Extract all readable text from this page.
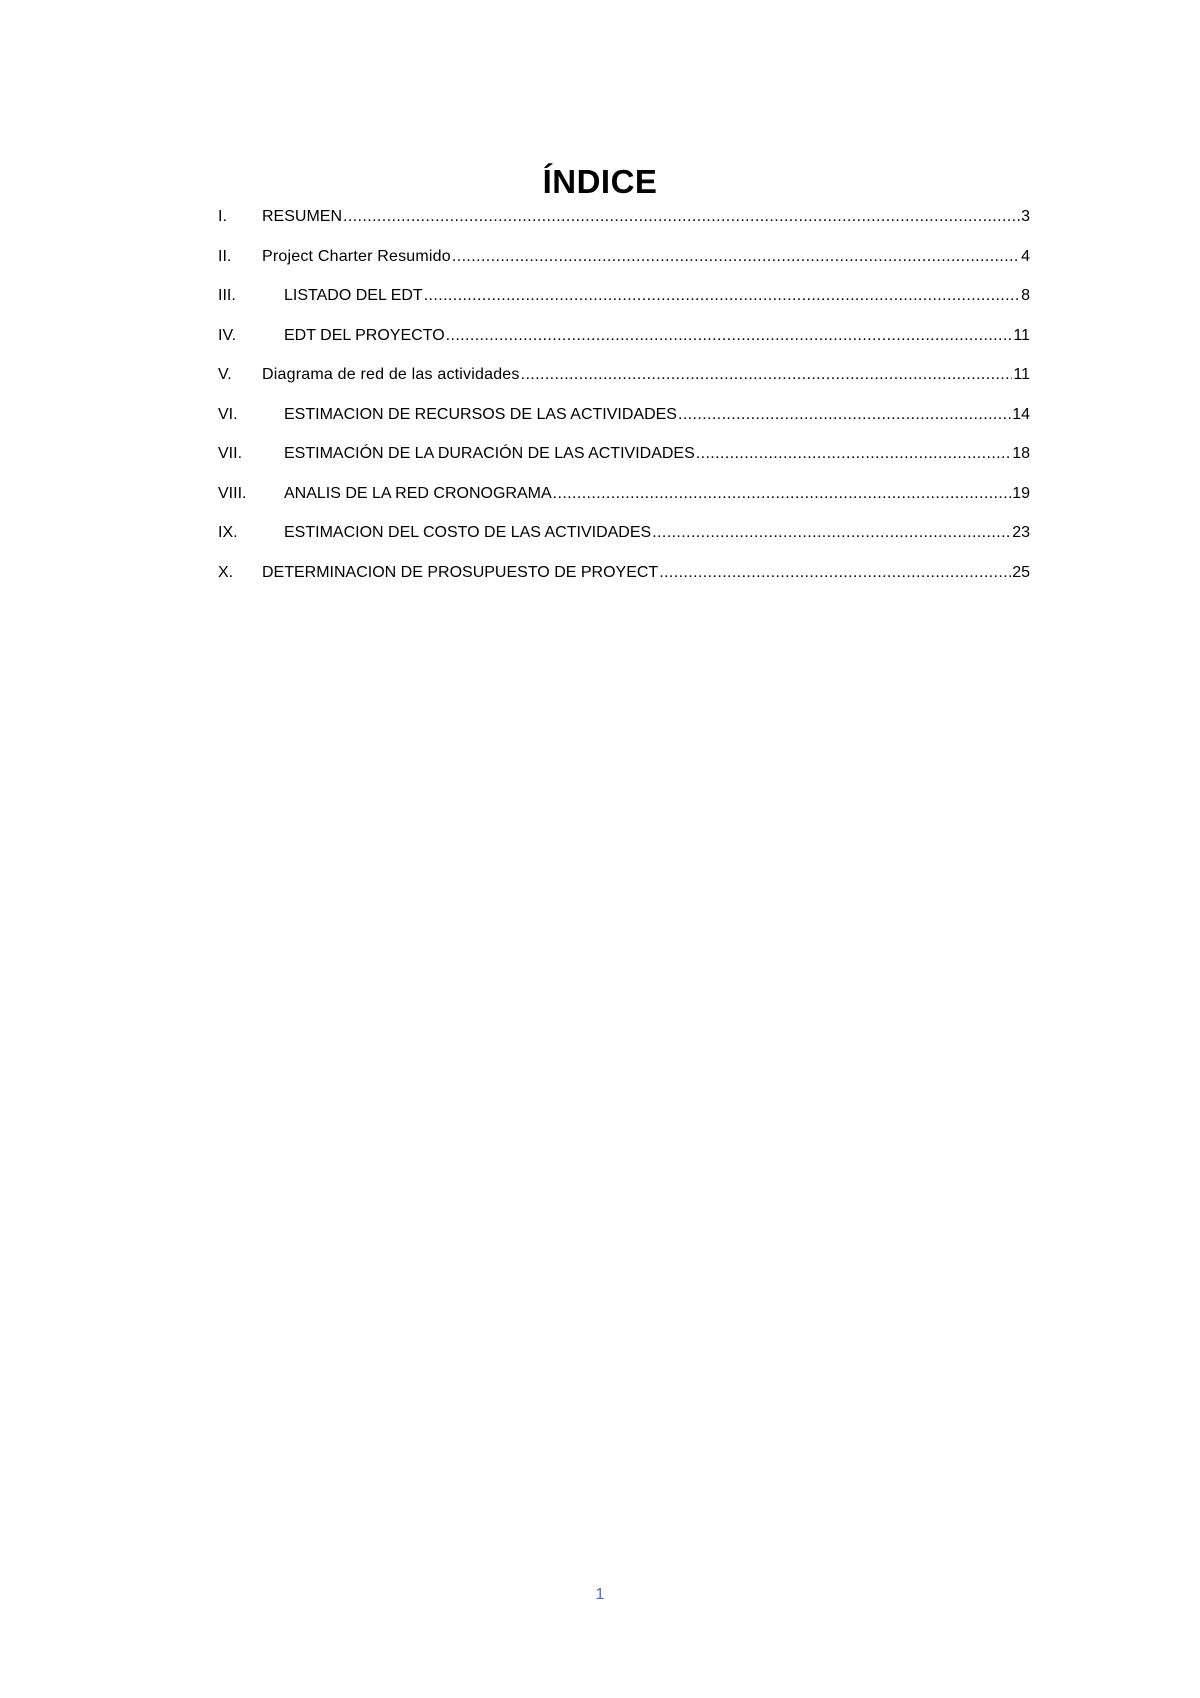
ÍNDICE
I.	RESUMEN .....	3
II.	Project Charter Resumido .....	4
III.	LISTADO DEL EDT .....	8
IV.	EDT DEL PROYECTO .....	11
V.	Diagrama de red de las actividades .....	11
VI.	ESTIMACION DE RECURSOS DE LAS ACTIVIDADES .....	14
VII.	ESTIMACIÓN DE LA DURACIÓN DE LAS ACTIVIDADES .....	18
VIII.	ANALIS DE LA RED CRONOGRAMA .....	19
IX.	ESTIMACION DEL COSTO DE LAS ACTIVIDADES .....	23
X.	DETERMINACION DE PROSUPUESTO DE PROYECT .....	25
1
